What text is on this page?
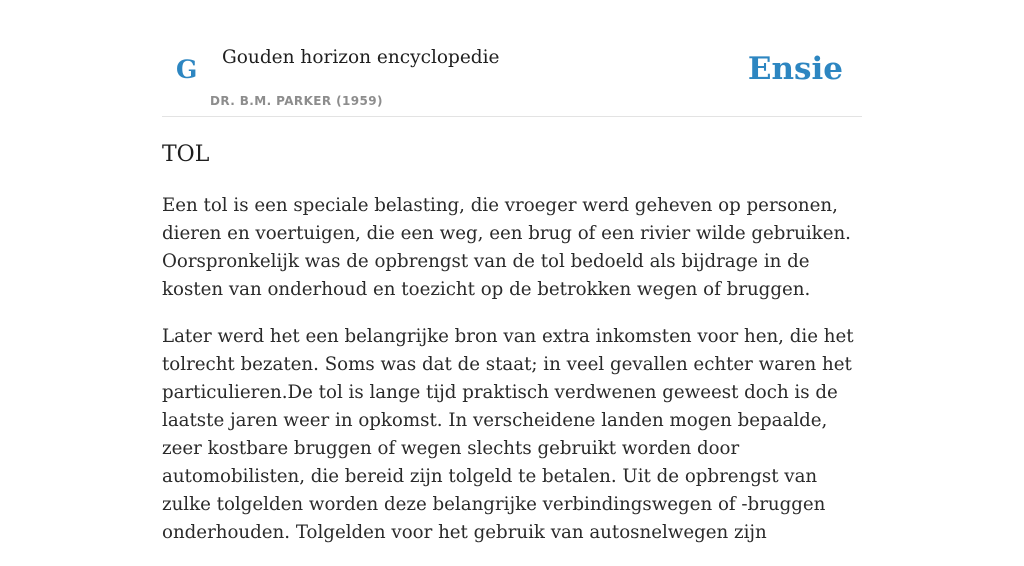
G Gouden horizon encyclopedie
DR. B.M. PARKER (1959)
Ensie
TOL

Een tol is een speciale belasting, die vroeger werd geheven op personen, dieren en voertuigen, die een weg, een brug of een rivier wilde gebruiken. Oorspronkelijk was de opbrengst van de tol bedoeld als bijdrage in de kosten van onderhoud en toezicht op de betrokken wegen of bruggen.

Later werd het een belangrijke bron van extra inkomsten voor hen, die het tolrecht bezaten. Soms was dat de staat; in veel gevallen echter waren het particulieren.De tol is lange tijd praktisch verdwenen geweest doch is de laatste jaren weer in opkomst. In verscheidene landen mogen bepaalde, zeer kostbare bruggen of wegen slechts gebruikt worden door automobilisten, die bereid zijn tolgeld te betalen. Uit de opbrengst van zulke tolgelden worden deze belangrijke verbindingswegen of -bruggen onderhouden. Tolgelden voor het gebruik van autosnelwegen zijn
